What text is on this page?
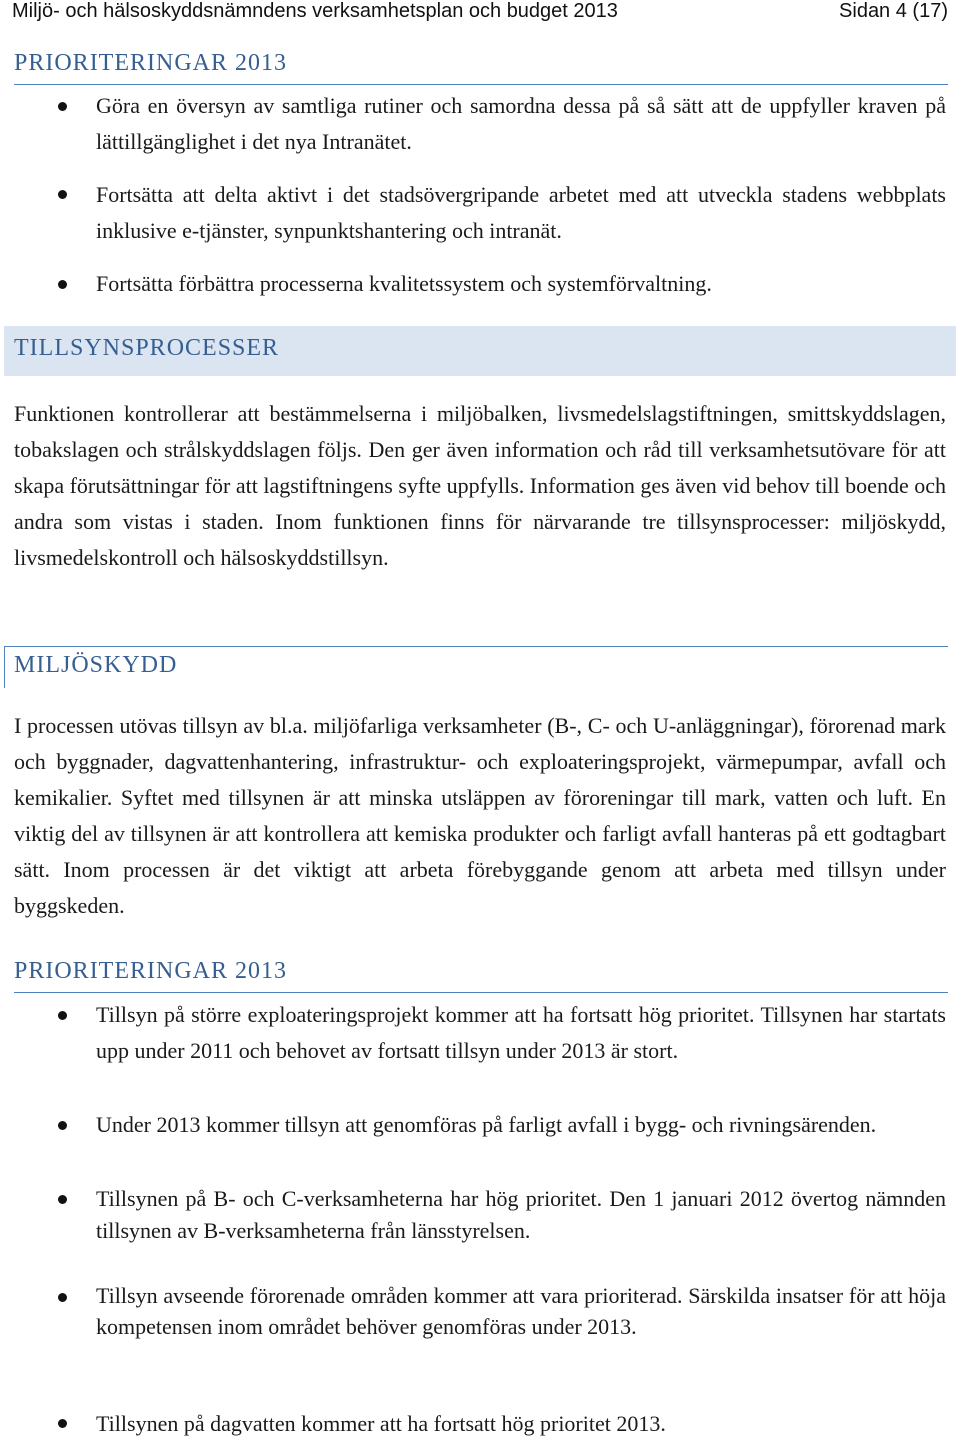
Miljö- och hälsoskyddsnämndens verksamhetsplan och budget 2013	Sidan 4 (17)
PRIORITERINGAR 2013
Göra en översyn av samtliga rutiner och samordna dessa på så sätt att de uppfyller kraven på lättillgänglighet i det nya Intranätet.
Fortsätta att delta aktivt i det stadsövergripande arbetet med att utveckla stadens webbplats inklusive e-tjänster, synpunktshantering och intranät.
Fortsätta förbättra processerna kvalitetssystem och systemförvaltning.
TILLSYNSPROCESSER
Funktionen kontrollerar att bestämmelserna i miljöbalken, livsmedelslagstiftningen, smittskyddslagen, tobakslagen och strålskyddslagen följs. Den ger även information och råd till verksamhetsutövare för att skapa förutsättningar för att lagstiftningens syfte uppfylls. Information ges även vid behov till boende och andra som vistas i staden. Inom funktionen finns för närvarande tre tillsynsprocesser: miljöskydd, livsmedelskontroll och hälsoskyddstillsyn.
MILJÖSKYDD
I processen utövas tillsyn av bl.a. miljöfarliga verksamheter (B-, C- och U-anläggningar), förorenad mark och byggnader, dagvattenhantering, infrastruktur- och exploateringsprojekt, värmepumpar, avfall och kemikalier. Syftet med tillsynen är att minska utsläppen av föroreningar till mark, vatten och luft. En viktig del av tillsynen är att kontrollera att kemiska produkter och farligt avfall hanteras på ett godtagbart sätt. Inom processen är det viktigt att arbeta förebyggande genom att arbeta med tillsyn under byggskeden.
PRIORITERINGAR 2013
Tillsyn på större exploateringsprojekt kommer att ha fortsatt hög prioritet. Tillsynen har startats upp under 2011 och behovet av fortsatt tillsyn under 2013 är stort.
Under 2013 kommer tillsyn att genomföras på farligt avfall i bygg- och rivningsärenden.
Tillsynen på B- och C-verksamheterna har hög prioritet. Den 1 januari 2012 övertog nämnden tillsynen av B-verksamheterna från länsstyrelsen.
Tillsyn avseende förorenade områden kommer att vara prioriterad. Särskilda insatser för att höja kompetensen inom området behöver genomföras under 2013.
Tillsynen på dagvatten kommer att ha fortsatt hög prioritet 2013.
